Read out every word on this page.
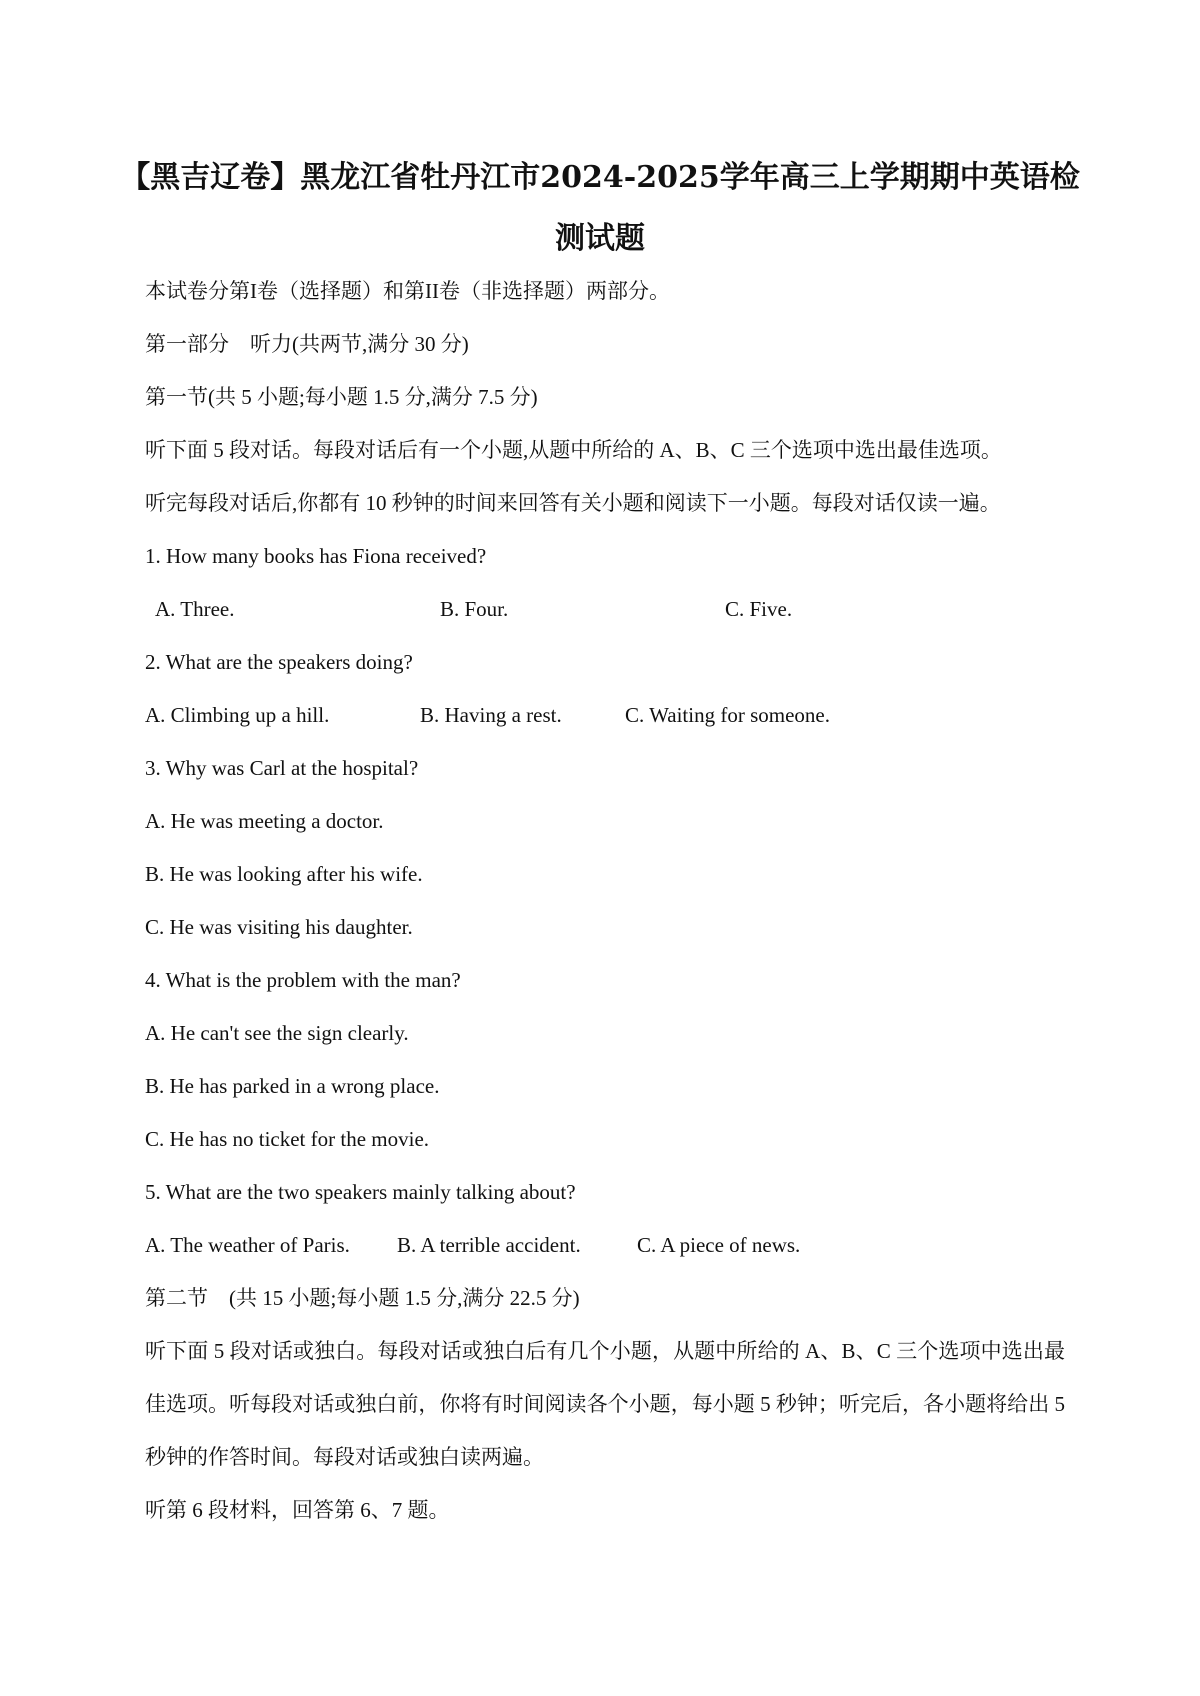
【黑吉辽卷】黑龙江省牡丹江市2024-2025学年高三上学期期中英语检
测试题
本试卷分第I卷（选择题）和第II卷（非选择题）两部分。
第一部分　听力(共两节,满分 30 分)
第一节(共 5 小题;每小题 1.5 分,满分 7.5 分)
听下面 5 段对话。每段对话后有一个小题,从题中所给的 A、B、C 三个选项中选出最佳选项。
听完每段对话后,你都有 10 秒钟的时间来回答有关小题和阅读下一小题。每段对话仅读一遍。
1. How many books has Fiona received?
A. Three.	B. Four.	C. Five.
2. What are the speakers doing?
A. Climbing up a hill.	B. Having a rest.	C. Waiting for someone.
3. Why was Carl at the hospital?
A. He was meeting a doctor.
B. He was looking after his wife.
C. He was visiting his daughter.
4. What is the problem with the man?
A. He can't see the sign clearly.
B. He has parked in a wrong place.
C. He has no ticket for the movie.
5. What are the two speakers mainly talking about?
A. The weather of Paris. B. A terrible accident.	C. A piece of news.
第二节　(共 15 小题;每小题 1.5 分,满分 22.5 分)
听下面 5 段对话或独白。每段对话或独白后有几个小题，从题中所给的 A、B、C 三个选项中选出最佳选项。听每段对话或独白前，你将有时间阅读各个小题，每小题 5 秒钟；听完后，各小题将给出 5 秒钟的作答时间。每段对话或独白读两遍。
听第 6 段材料，回答第 6、7 题。
